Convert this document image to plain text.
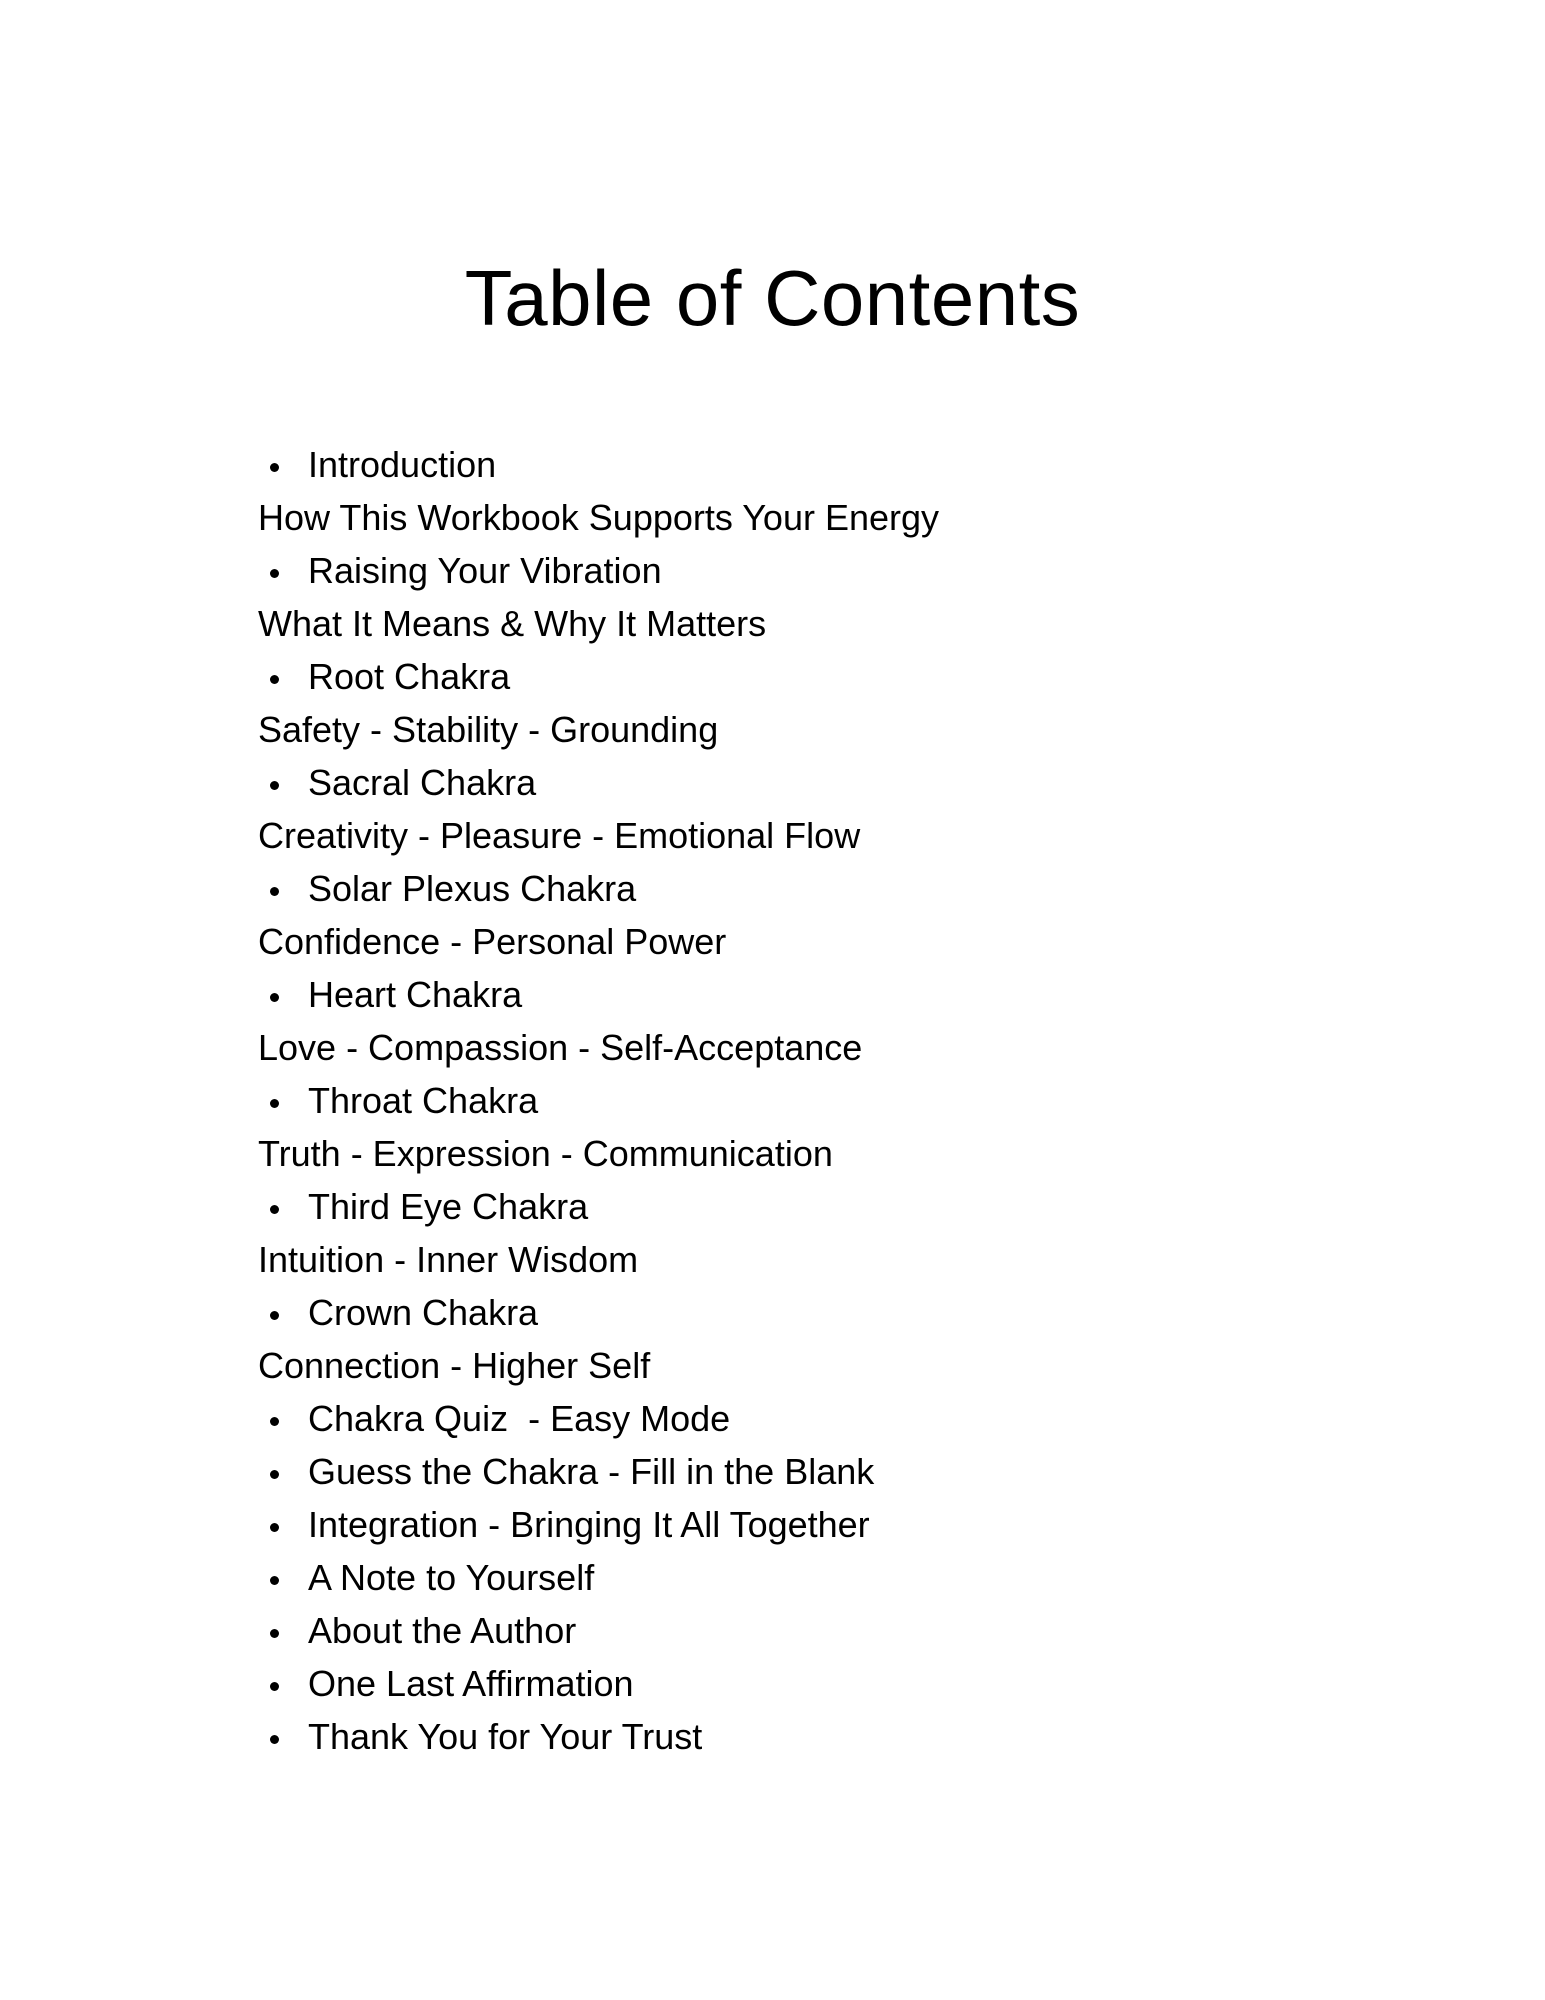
Table of Contents
Introduction
How This Workbook Supports Your Energy
Raising Your Vibration
What It Means & Why It Matters
Root Chakra
Safety - Stability - Grounding
Sacral Chakra
Creativity - Pleasure - Emotional Flow
Solar Plexus Chakra
Confidence - Personal Power
Heart Chakra
Love - Compassion - Self-Acceptance
Throat Chakra
Truth - Expression - Communication
Third Eye Chakra
Intuition - Inner Wisdom
Crown Chakra
Connection - Higher Self
Chakra Quiz  - Easy Mode
Guess the Chakra - Fill in the Blank
Integration - Bringing It All Together
A Note to Yourself
About the Author
One Last Affirmation
Thank You for Your Trust
